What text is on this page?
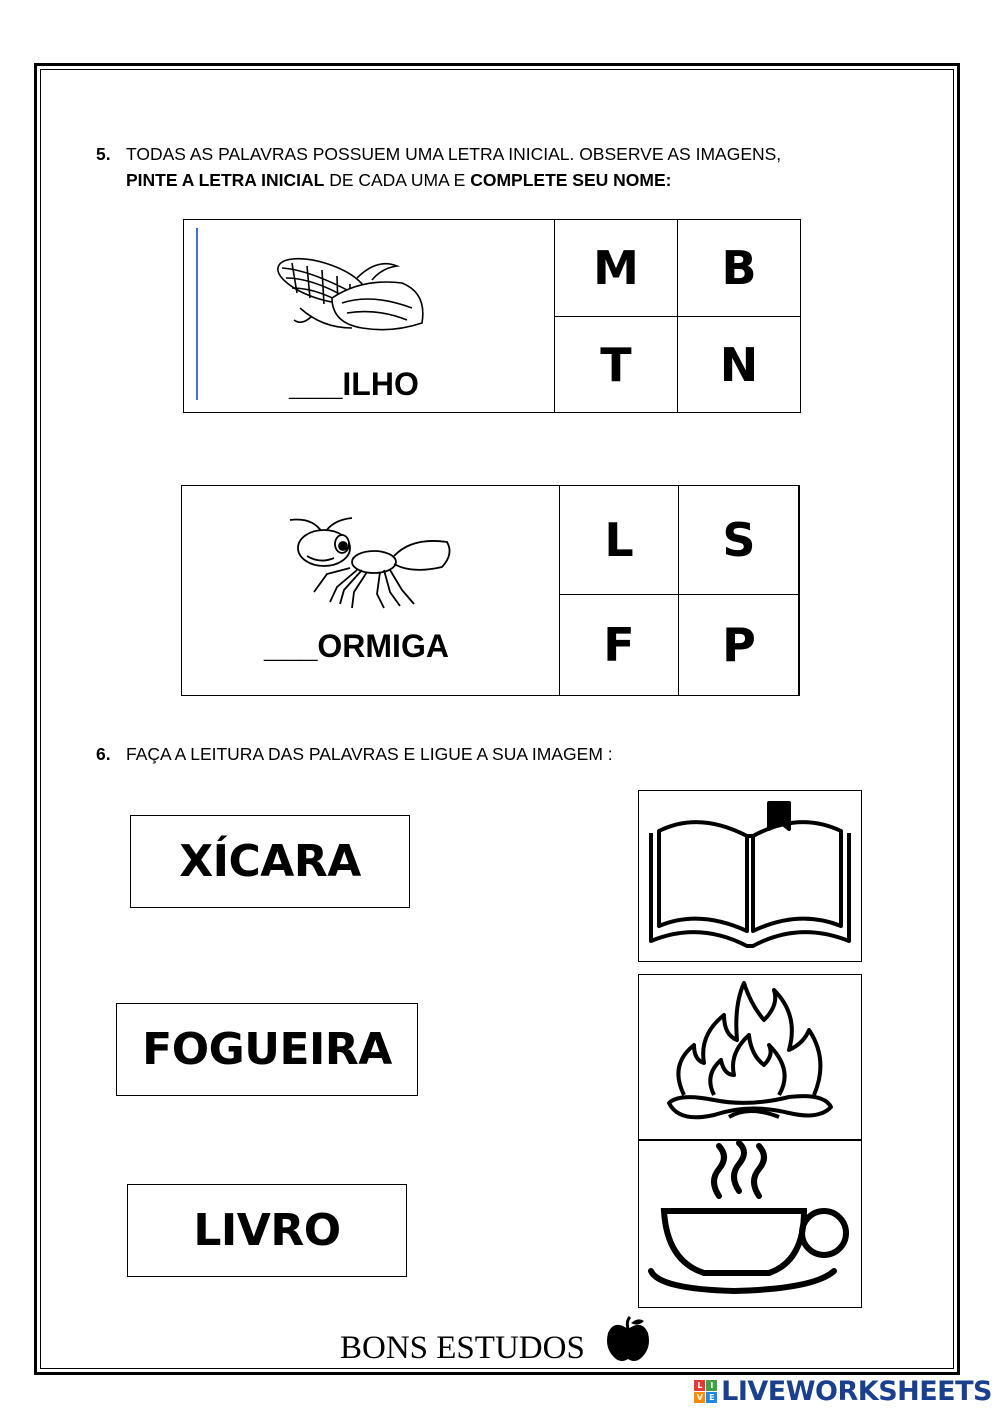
5. TODAS AS PALAVRAS POSSUEM UMA LETRA INICIAL. OBSERVE AS IMAGENS,
PINTE A LETRA INICIAL DE CADA UMA E COMPLETE SEU NOME:
___ILHO
M	B
T	N
___ORMIGA
L	S
F	P
6. FAÇA A LEITURA DAS PALAVRAS E LIGUE A SUA IMAGEM :
XÍCARA
FOGUEIRA
LIVRO
BONS ESTUDOS
L	I
V E LIVEWORKSHEETS
